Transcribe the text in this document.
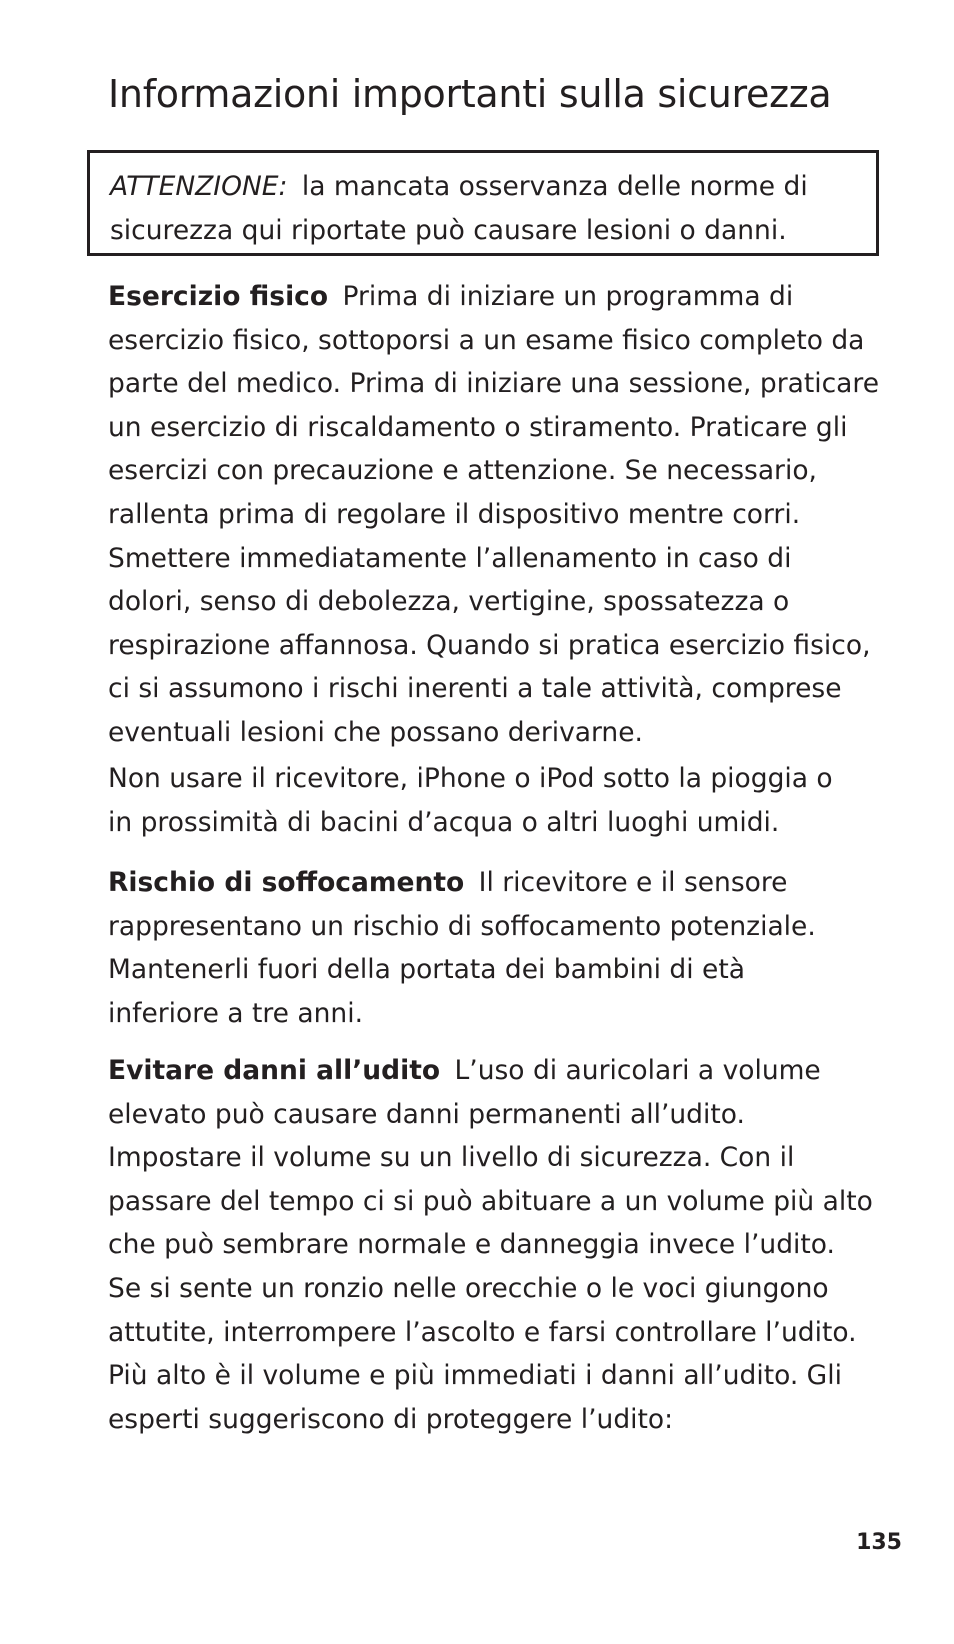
Informazioni importanti sulla sicurezza
ATTENZIONE: la mancata osservanza delle norme di
sicurezza qui riportate può causare lesioni o danni.

Esercizio fisico Prima di iniziare un programma di
esercizio fisico, sottoporsi a un esame fisico completo da
parte del medico. Prima di iniziare una sessione, praticare
un esercizio di riscaldamento o stiramento. Praticare gli
esercizi con precauzione e attenzione. Se necessario,
rallenta prima di regolare il dispositivo mentre corri.
Smettere immediatamente l’allenamento in caso di
dolori, senso di debolezza, vertigine, spossatezza o
respirazione affannosa. Quando si pratica esercizio fisico,
ci si assumono i rischi inerenti a tale attività, comprese
eventuali lesioni che possano derivarne.

Non usare il ricevitore, iPhone o iPod sotto la pioggia o
in prossimità di bacini d’acqua o altri luoghi umidi.

Rischio di soffocamento Il ricevitore e il sensore
rappresentano un rischio di soffocamento potenziale.
Mantenerli fuori della portata dei bambini di età
inferiore a tre anni.

Evitare danni all’udito L’uso di auricolari a volume
elevato può causare danni permanenti all’udito.
Impostare il volume su un livello di sicurezza. Con il
passare del tempo ci si può abituare a un volume più alto
che può sembrare normale e danneggia invece l’udito.
Se si sente un ronzio nelle orecchie o le voci giungono
attutite, interrompere l’ascolto e farsi controllare l’udito.
Più alto è il volume e più immediati i danni all’udito. Gli
esperti suggeriscono di proteggere l’udito:

135
